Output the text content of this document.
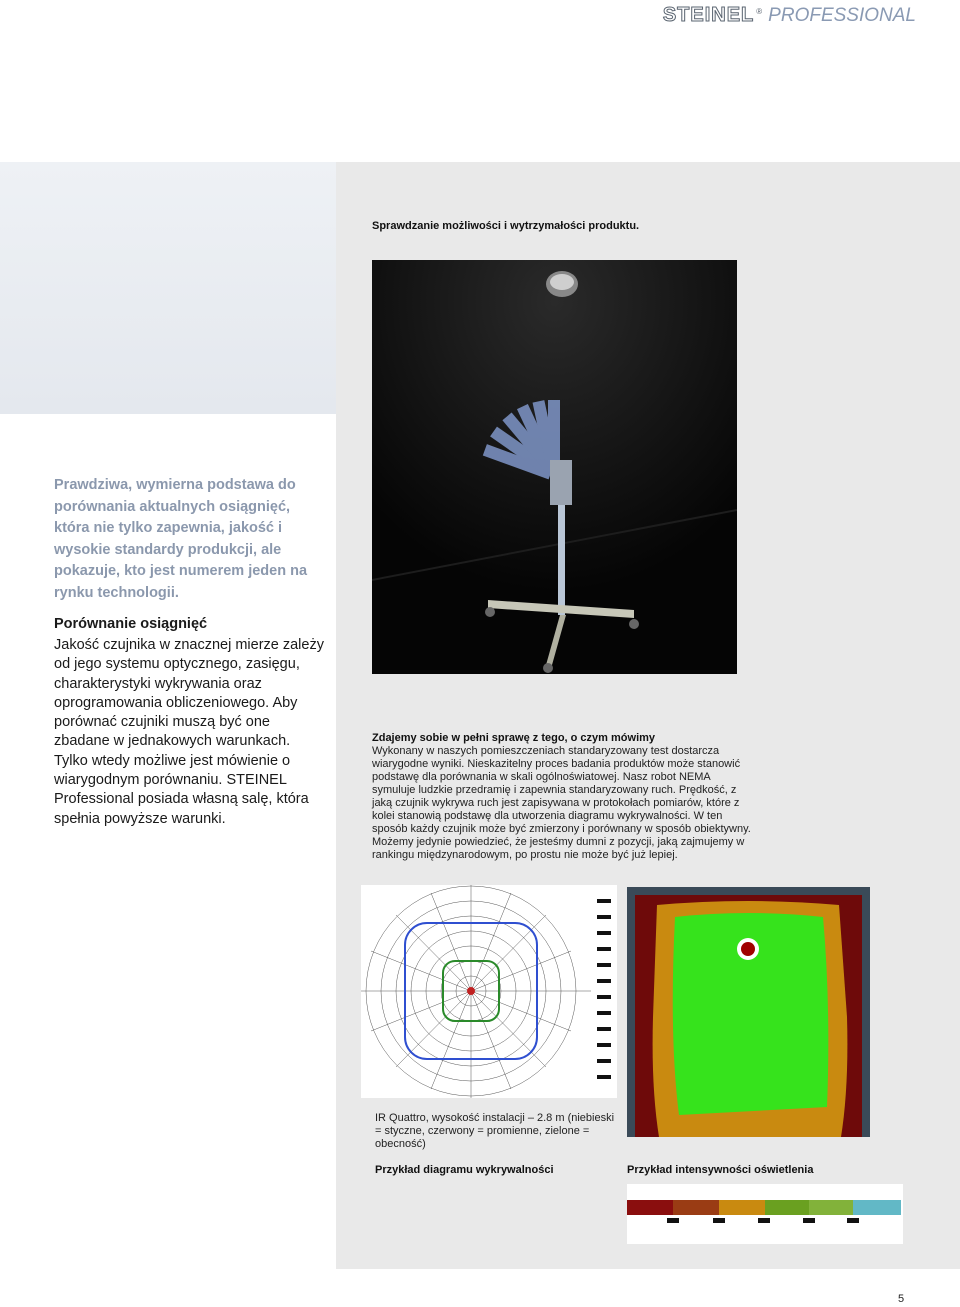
STEINEL ® PROFESSIONAL
Prawdziwa, wymierna podstawa do porównania aktualnych osiągnięć, która nie tylko zapewnia, jakość i wysokie standardy produkcji, ale pokazuje, kto jest numerem jeden na rynku technologii.
Porównanie osiągnięć
Jakość czujnika w znacznej mierze zależy od jego systemu optycznego, zasięgu, charakterystyki wykrywania oraz oprogramowania obliczeniowego. Aby porównać czujniki muszą być one zbadane w jednakowych warunkach. Tylko wtedy możliwe jest mówienie o wiarygodnym porównaniu. STEINEL Professional posiada własną salę, która spełnia powyższe warunki.
Sprawdzanie możliwości i wytrzymałości produktu.
Zdajemy sobie w pełni sprawę z tego, o czym mówimy
Wykonany w naszych pomieszczeniach standaryzowany test dostarcza wiarygodne wyniki. Nieskazitelny proces badania produktów może stanowić podstawę dla porównania w skali ogólnoświatowej. Nasz robot NEMA symuluje ludzkie przedramię i zapewnia standaryzowany ruch. Prędkość, z jaką czujnik wykrywa ruch jest zapisywana w protokołach pomiarów, które z kolei stanowią podstawę dla utworzenia diagramu wykrywalności. W ten sposób każdy czujnik może być zmierzony i porównany w sposób obiektywny. Możemy jedynie powiedzieć, że jesteśmy dumni z pozycji, jaką zajmujemy w rankingu międzynarodowym, po prostu nie może być już lepiej.
IR Quattro, wysokość instalacji – 2.8 m (niebieski = styczne, czerwony = promienne, zielone = obecność)
Przykład diagramu wykrywalności	Przykład intensywności oświetlenia
5
